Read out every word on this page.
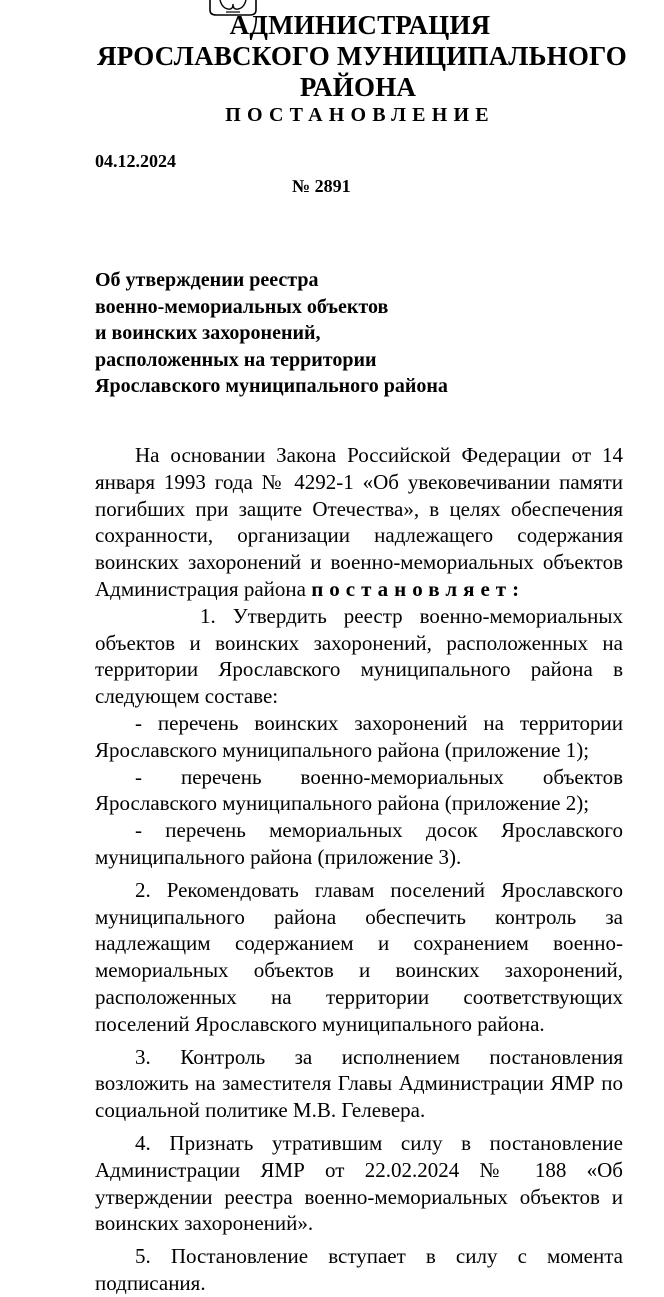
АДМИНИСТРАЦИЯ
ЯРОСЛАВСКОГО МУНИЦИПАЛЬНОГО
РАЙОНА
ПОСТАНОВЛЕНИЕ
04.12.2024
№ 2891
Об утверждении реестра
военно-мемориальных объектов
и воинских захоронений,
расположенных на территории
Ярославского муниципального района

На основании Закона Российской Федерации от 14 января 1993 года № 4292-1 «Об увековечивании памяти погибших при защите Отечества», в целях обеспечения сохранности, организации надлежащего содержания воинских захоронений и военно-мемориальных объектов Администрация района постановляет:

1. Утвердить реестр военно-мемориальных объектов и воинских захоронений, расположенных на территории Ярославского муниципального района в следующем составе:

- перечень воинских захоронений на территории Ярославского муниципального района (приложение 1);

- перечень военно-мемориальных объектов Ярославского муниципального района (приложение 2);

- перечень мемориальных досок Ярославского муниципального района (приложение 3).

2. Рекомендовать главам поселений Ярославского муниципального района обеспечить контроль за надлежащим содержанием и сохранением военно-мемориальных объектов и воинских захоронений, расположенных на территории соответствующих поселений Ярославского муниципального района.

3. Контроль за исполнением постановления возложить на заместителя Главы Администрации ЯМР по социальной политике М.В. Гелевера.

4. Признать утратившим силу в постановление Администрации ЯМР от 22.02.2024 № 188 «Об утверждении реестра военно-мемориальных объектов и воинских захоронений».

5. Постановление вступает в силу с момента подписания.
